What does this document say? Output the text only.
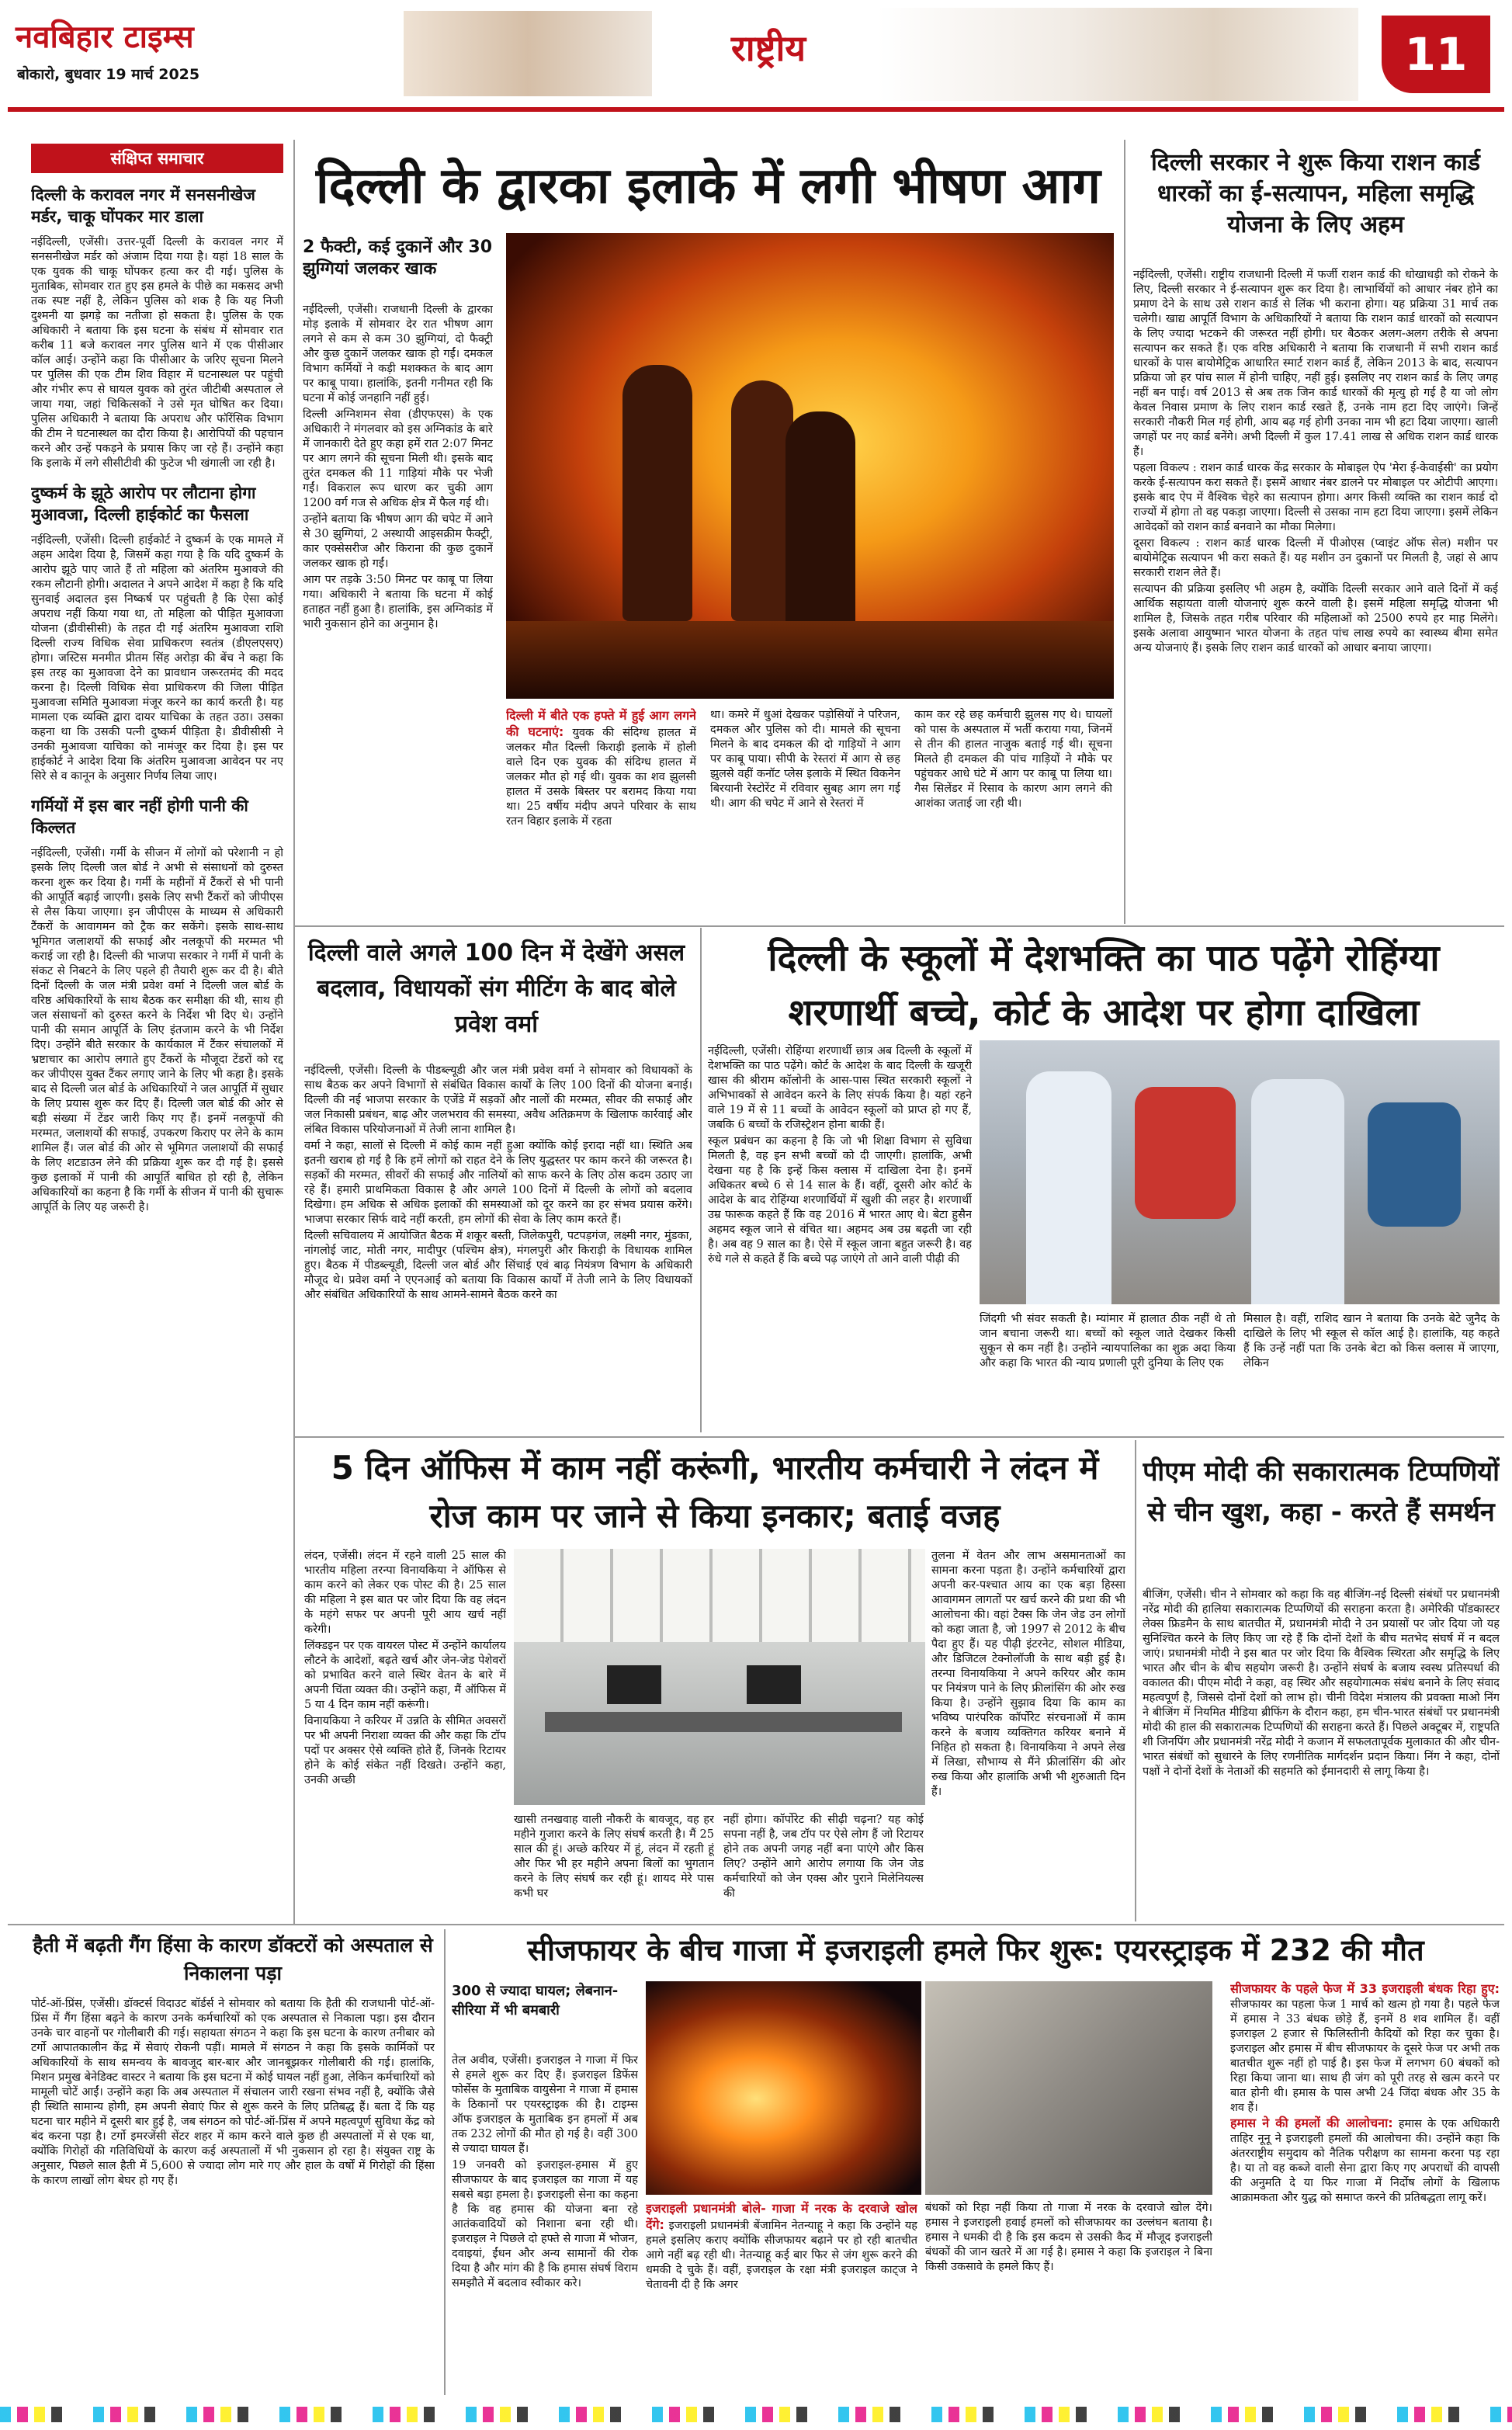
नवबिहार टाइम्स
बोकारो, बुधवार 19 मार्च 2025
राष्ट्रीय	11
संक्षिप्त समाचार
दिल्ली के करावल नगर में सनसनीखेज मर्डर, चाकू घोंपकर मार डाला

नईदिल्ली, एजेंसी। उत्तर-पूर्वी दिल्ली के करावल नगर में सनसनीखेज मर्डर को अंजाम दिया गया है। यहां 18 साल के एक युवक की चाकू घोंपकर हत्या कर दी गई। पुलिस के मुताबिक, सोमवार रात हुए इस हमले के पीछे का मकसद अभी तक स्पष्ट नहीं है, लेकिन पुलिस को शक है कि यह निजी दुश्मनी या झगड़े का नतीजा हो सकता है। पुलिस के एक अधिकारी ने बताया कि इस घटना के संबंध में सोमवार रात करीब 11 बजे करावल नगर पुलिस थाने में एक पीसीआर कॉल आई। उन्होंने कहा कि पीसीआर के जरिए सूचना मिलने पर पुलिस की एक टीम शिव विहार में घटनास्थल पर पहुंची और गंभीर रूप से घायल युवक को तुरंत जीटीबी अस्पताल ले जाया गया, जहां चिकित्सकों ने उसे मृत घोषित कर दिया। पुलिस अधिकारी ने बताया कि अपराध और फॉरेंसिक विभाग की टीम ने घटनास्थल का दौरा किया है। आरोपियों की पहचान करने और उन्हें पकड़ने के प्रयास किए जा रहे हैं। उन्होंने कहा कि इलाके में लगे सीसीटीवी की फुटेज भी खंगाली जा रही है।

दुष्कर्म के झूठे आरोप पर लौटाना होगा मुआवजा, दिल्ली हाईकोर्ट का फैसला

नईदिल्ली, एजेंसी। दिल्ली हाईकोर्ट ने दुष्कर्म के एक मामले में अहम आदेश दिया है, जिसमें कहा गया है कि यदि दुष्कर्म के आरोप झूठे पाए जाते हैं तो महिला को अंतरिम मुआवजे की रकम लौटानी होगी। अदालत ने अपने आदेश में कहा है कि यदि सुनवाई अदालत इस निष्कर्ष पर पहुंचती है कि ऐसा कोई अपराध नहीं किया गया था, तो महिला को पीड़ित मुआवजा योजना (डीवीसीसी) के तहत दी गई अंतरिम मुआवजा राशि दिल्ली राज्य विधिक सेवा प्राधिकरण स्वतंत्र (डीएलएसए) होगा। जस्टिस मनमीत प्रीतम सिंह अरोड़ा की बेंच ने कहा कि इस तरह का मुआवजा देने का प्रावधान जरूरतमंद की मदद करना है। दिल्ली विधिक सेवा प्राधिकरण की जिला पीड़ित मुआवजा समिति मुआवजा मंजूर करने का कार्य करती है। यह मामला एक व्यक्ति द्वारा दायर याचिका के तहत उठा। उसका कहना था कि उसकी पत्नी दुष्कर्म पीड़िता है। डीवीसीसी ने उनकी मुआवजा याचिका को नामंजूर कर दिया है। इस पर हाईकोर्ट ने आदेश दिया कि अंतरिम मुआवजा आवेदन पर नए सिरे से व कानून के अनुसार निर्णय लिया जाए।

गर्मियों में इस बार नहीं होगी पानी की किल्लत

नईदिल्ली, एजेंसी। गर्मी के सीजन में लोगों को परेशानी न हो इसके लिए दिल्ली जल बोर्ड ने अभी से संसाधनों को दुरुस्त करना शुरू कर दिया है। गर्मी के महीनों में टैंकरों से भी पानी की आपूर्ति बढ़ाई जाएगी। इसके लिए सभी टैंकरों को जीपीएस से लैस किया जाएगा। इन जीपीएस के माध्यम से अधिकारी टैंकरों के आवागमन को ट्रैक कर सकेंगे। इसके साथ-साथ भूमिगत जलाशयों की सफाई और नलकूपों की मरम्मत भी कराई जा रही है। दिल्ली की भाजपा सरकार ने गर्मी में पानी के संकट से निबटने के लिए पहले ही तैयारी शुरू कर दी है। बीते दिनों दिल्ली के जल मंत्री प्रवेश वर्मा ने दिल्ली जल बोर्ड के वरिष्ठ अधिकारियों के साथ बैठक कर समीक्षा की थी, साथ ही जल संसाधनों को दुरुस्त करने के निर्देश भी दिए थे। उन्होंने पानी की समान आपूर्ति के लिए इंतजाम करने के भी निर्देश दिए। उन्होंने बीते सरकार के कार्यकाल में टैंकर संचालकों में भ्रष्टाचार का आरोप लगाते हुए टैंकरों के मौजूदा टेंडरों को रद्द कर जीपीएस युक्त टैंकर लगाए जाने के लिए भी कहा है। इसके बाद से दिल्ली जल बोर्ड के अधिकारियों ने जल आपूर्ति में सुधार के लिए प्रयास शुरू कर दिए हैं। दिल्ली जल बोर्ड की ओर से बड़ी संख्या में टेंडर जारी किए गए हैं। इनमें नलकूपों की मरम्मत, जलाशयों की सफाई, उपकरण किराए पर लेने के काम शामिल हैं। जल बोर्ड की ओर से भूमिगत जलाशयों की सफाई के लिए शटडाउन लेने की प्रक्रिया शुरू कर दी गई है। इससे कुछ इलाकों में पानी की आपूर्ति बाधित हो रही है, लेकिन अधिकारियों का कहना है कि गर्मी के सीजन में पानी की सुचारू आपूर्ति के लिए यह जरूरी है।

दिल्ली के द्वारका इलाके में लगी भीषण आग
2 फैक्टी, कई दुकानें और 30 झुग्गियां जलकर खाक

नईदिल्ली, एजेंसी। राजधानी दिल्ली के द्वारका मोड़ इलाके में सोमवार देर रात भीषण आग लगने से कम से कम 30 झुग्गियां, दो फैक्ट्री और कुछ दुकानें जलकर खाक हो गईं। दमकल विभाग कर्मियों ने कड़ी मशक्कत के बाद आग पर काबू पाया। हालांकि, इतनी गनीमत रही कि घटना में कोई जनहानि नहीं हुई।

दिल्ली अग्निशमन सेवा (डीएफएस) के एक अधिकारी ने मंगलवार को इस अग्निकांड के बारे में जानकारी देते हुए कहा हमें रात 2:07 मिनट पर आग लगने की सूचना मिली थी। इसके बाद तुरंत दमकल की 11 गाड़ियां मौके पर भेजी गईं। विकराल रूप धारण कर चुकी आग 1200 वर्ग गज से अधिक क्षेत्र में फैल गई थी।

उन्होंने बताया कि भीषण आग की चपेट में आने से 30 झुग्गियां, 2 अस्थायी आइसक्रीम फैक्ट्री, कार एक्सेसरीज और किराना की कुछ दुकानें जलकर खाक हो गईं।

आग पर तड़के 3:50 मिनट पर काबू पा लिया गया। अधिकारी ने बताया कि घटना में कोई हताहत नहीं हुआ है। हालांकि, इस अग्निकांड में भारी नुकसान होने का अनुमान है।

दिल्ली में बीते एक हफ्ते में हुई आग लगने की घटनाएं: युवक की संदिग्ध हालत में जलकर मौत दिल्ली किराड़ी इलाके में होली वाले दिन एक युवक की संदिग्ध हालत में जलकर मौत हो गई थी। युवक का शव झुलसी हालत में उसके बिस्तर पर बरामद किया गया था। 25 वर्षीय मंदीप अपने परिवार के साथ रतन विहार इलाके में रहता
था। कमरे में धुआं देखकर पड़ोसियों ने परिजन, दमकल और पुलिस को दी। मामले की सूचना मिलने के बाद दमकल की दो गाड़ियों ने आग पर काबू पाया। सीपी के रेस्तरां में आग से छह झुलसे वहीं कनॉट प्लेस इलाके में स्थित विकनेन बिरयानी रेस्टोरेंट में रविवार सुबह आग लग गई थी। आग की चपेट में आने से रेस्तरां में
काम कर रहे छह कर्मचारी झुलस गए थे। घायलों को पास के अस्पताल में भर्ती कराया गया, जिनमें से तीन की हालत नाजुक बताई गई थी। सूचना मिलते ही दमकल की पांच गाड़ियों ने मौके पर पहुंचकर आधे घंटे में आग पर काबू पा लिया था। गैस सिलेंडर में रिसाव के कारण आग लगने की आशंका जताई जा रही थी।
दिल्ली सरकार ने शुरू किया राशन कार्ड धारकों का ई-सत्यापन, महिला समृद्धि योजना के लिए अहम

नईदिल्ली, एजेंसी। राष्ट्रीय राजधानी दिल्ली में फर्जी राशन कार्ड की धोखाधड़ी को रोकने के लिए, दिल्ली सरकार ने ई-सत्यापन शुरू कर दिया है। लाभार्थियों को आधार नंबर होने का प्रमाण देने के साथ उसे राशन कार्ड से लिंक भी कराना होगा। यह प्रक्रिया 31 मार्च तक चलेगी। खाद्य आपूर्ति विभाग के अधिकारियों ने बताया कि राशन कार्ड धारकों को सत्यापन के लिए ज्यादा भटकने की जरूरत नहीं होगी। घर बैठकर अलग-अलग तरीके से अपना सत्यापन कर सकते हैं। एक वरिष्ठ अधिकारी ने बताया कि राजधानी में सभी राशन कार्ड धारकों के पास बायोमेट्रिक आधारित स्मार्ट राशन कार्ड हैं, लेकिन 2013 के बाद, सत्यापन प्रक्रिया जो हर पांच साल में होनी चाहिए, नहीं हुई। इसलिए नए राशन कार्ड के लिए जगह नहीं बन पाई। वर्ष 2013 से अब तक जिन कार्ड धारकों की मृत्यु हो गई है या जो लोग केवल निवास प्रमाण के लिए राशन कार्ड रखते हैं, उनके नाम हटा दिए जाएंगे। जिन्हें सरकारी नौकरी मिल गई होगी, आय बढ़ गई होगी उनका नाम भी हटा दिया जाएगा। खाली जगहों पर नए कार्ड बनेंगे। अभी दिल्ली में कुल 17.41 लाख से अधिक राशन कार्ड धारक हैं।

पहला विकल्प : राशन कार्ड धारक केंद्र सरकार के मोबाइल ऐप 'मेरा ई-केवाईसी' का प्रयोग करके ई-सत्यापन करा सकते हैं। इसमें आधार नंबर डालने पर मोबाइल पर ओटीपी आएगा। इसके बाद ऐप में वैश्विक चेहरे का सत्यापन होगा। अगर किसी व्यक्ति का राशन कार्ड दो राज्यों में होगा तो वह पकड़ा जाएगा। दिल्ली से उसका नाम हटा दिया जाएगा। इसमें लेकिन आवेदकों को राशन कार्ड बनवाने का मौका मिलेगा।

दूसरा विकल्प : राशन कार्ड धारक दिल्ली में पीओएस (प्वाइंट ऑफ सेल) मशीन पर बायोमेट्रिक सत्यापन भी करा सकते हैं। यह मशीन उन दुकानों पर मिलती है, जहां से आप सरकारी राशन लेते हैं।

सत्यापन की प्रक्रिया इसलिए भी अहम है, क्योंकि दिल्ली सरकार आने वाले दिनों में कई आर्थिक सहायता वाली योजनाएं शुरू करने वाली है। इसमें महिला समृद्धि योजना भी शामिल है, जिसके तहत गरीब परिवार की महिलाओं को 2500 रुपये हर माह मिलेंगे। इसके अलावा आयुष्मान भारत योजना के तहत पांच लाख रुपये का स्वास्थ्य बीमा समेत अन्य योजनाएं हैं। इसके लिए राशन कार्ड धारकों को आधार बनाया जाएगा।

दिल्ली वाले अगले 100 दिन में देखेंगे असल बदलाव, विधायकों संग मीटिंग के बाद बोले प्रवेश वर्मा

नईदिल्ली, एजेंसी। दिल्ली के पीडब्ल्यूडी और जल मंत्री प्रवेश वर्मा ने सोमवार को विधायकों के साथ बैठक कर अपने विभागों से संबंधित विकास कार्यों के लिए 100 दिनों की योजना बनाई। दिल्ली की नई भाजपा सरकार के एजेंडे में सड़कों और नालों की मरम्मत, सीवर की सफाई और जल निकासी प्रबंधन, बाढ़ और जलभराव की समस्या, अवैध अतिक्रमण के खिलाफ कार्रवाई और लंबित विकास परियोजनाओं में तेजी लाना शामिल है।

वर्मा ने कहा, सालों से दिल्ली में कोई काम नहीं हुआ क्योंकि कोई इरादा नहीं था। स्थिति अब इतनी खराब हो गई है कि हमें लोगों को राहत देने के लिए युद्धस्तर पर काम करने की जरूरत है। सड़कों की मरम्मत, सीवरों की सफाई और नालियों को साफ करने के लिए ठोस कदम उठाए जा रहे हैं। हमारी प्राथमिकता विकास है और अगले 100 दिनों में दिल्ली के लोगों को बदलाव दिखेगा। हम अधिक से अधिक इलाकों की समस्याओं को दूर करने का हर संभव प्रयास करेंगे। भाजपा सरकार सिर्फ वादे नहीं करती, हम लोगों की सेवा के लिए काम करते हैं।

दिल्ली सचिवालय में आयोजित बैठक में शकूर बस्ती, जिलेकपुरी, पटपड़गंज, लक्ष्मी नगर, मुंडका, नांगलोई जाट, मोती नगर, मादीपुर (पश्चिम क्षेत्र), मंगलपुरी और किराड़ी के विधायक शामिल हुए। बैठक में पीडब्ल्यूडी, दिल्ली जल बोर्ड और सिंचाई एवं बाढ़ नियंत्रण विभाग के अधिकारी मौजूद थे। प्रवेश वर्मा ने एएनआई को बताया कि विकास कार्यों में तेजी लाने के लिए विधायकों और संबंधित अधिकारियों के साथ आमने-सामने बैठक करने का

दिल्ली के स्कूलों में देशभक्ति का पाठ पढ़ेंगे रोहिंग्या शरणार्थी बच्चे, कोर्ट के आदेश पर होगा दाखिला

नईदिल्ली, एजेंसी। रोहिंग्या शरणार्थी छात्र अब दिल्ली के स्कूलों में देशभक्ति का पाठ पढ़ेंगे। कोर्ट के आदेश के बाद दिल्ली के खजूरी खास की श्रीराम कॉलोनी के आस-पास स्थित सरकारी स्कूलों ने अभिभावकों से आवेदन करने के लिए संपर्क किया है। यहां रहने वाले 19 में से 11 बच्चों के आवेदन स्कूलों को प्राप्त हो गए हैं, जबकि 6 बच्चों के रजिस्ट्रेशन होना बाकी हैं।

स्कूल प्रबंधन का कहना है कि जो भी शिक्षा विभाग से सुविधा मिलती है, वह इन सभी बच्चों को दी जाएगी। हालांकि, अभी देखना यह है कि इन्हें किस क्लास में दाखिला देना है। इनमें अधिकतर बच्चे 6 से 14 साल के हैं। वहीं, दूसरी ओर कोर्ट के आदेश के बाद रोहिंग्या शरणार्थियों में खुशी की लहर है। शरणार्थी उम्र फारूक कहते हैं कि वह 2016 में भारत आए थे। बेटा हुसैन अहमद स्कूल जाने से वंचित था। अहमद अब उम्र बढ़ती जा रही है। अब वह 9 साल का है। ऐसे में स्कूल जाना बहुत जरूरी है। वह रुंधे गले से कहते हैं कि बच्चे पढ़ जाएंगे तो आने वाली पीढ़ी की

जिंदगी भी संवर सकती है। म्यांमार में हालात ठीक नहीं थे तो जान बचाना जरूरी था। बच्चों को स्कूल जाते देखकर किसी सुकून से कम नहीं है। उन्होंने न्यायपालिका का शुक्र अदा किया और कहा कि भारत की न्याय प्रणाली पूरी दुनिया के लिए एक
मिसाल है। वहीं, राशिद खान ने बताया कि उनके बेटे जुनैद के दाखिले के लिए भी स्कूल से कॉल आई है। हालांकि, यह कहते हैं कि उन्हें नहीं पता कि उनके बेटा को किस क्लास में जाएगा, लेकिन
5 दिन ऑफिस में काम नहीं करूंगी, भारतीय कर्मचारी ने लंदन में रोज काम पर जाने से किया इनकार; बताई वजह

लंदन, एजेंसी। लंदन में रहने वाली 25 साल की भारतीय महिला तरन्पा विनायकिया ने ऑफिस से काम करने को लेकर एक पोस्ट की है। 25 साल की महिला ने इस बात पर जोर दिया कि वह लंदन के महंगे सफर पर अपनी पूरी आय खर्च नहीं करेगी।

लिंक्डइन पर एक वायरल पोस्ट में उन्होंने कार्यालय लौटने के आदेशों, बढ़ते खर्च और जेन-जेड पेशेवरों को प्रभावित करने वाले स्थिर वेतन के बारे में अपनी चिंता व्यक्त की। उन्होंने कहा, मैं ऑफिस में 5 या 4 दिन काम नहीं करूंगी।

विनायकिया ने करियर में उन्नति के सीमित अवसरों पर भी अपनी निराशा व्यक्त की और कहा कि टॉप पदों पर अक्सर ऐसे व्यक्ति होते हैं, जिनके रिटायर होने के कोई संकेत नहीं दिखते। उन्होंने कहा, उनकी अच्छी

खासी तनखवाह वाली नौकरी के बावजूद, वह हर महीने गुजारा करने के लिए संघर्ष करती है। मैं 25 साल की हूं। अच्छे करियर में हूं, लंदन में रहती हूं और फिर भी हर महीने अपना बिलों का भुगतान करने के लिए संघर्ष कर रही हूं। शायद मेरे पास कभी घर
नहीं होगा। कॉर्पोरेट की सीढ़ी चढ़ना? यह कोई सपना नहीं है, जब टॉप पर ऐसे लोग हैं जो रिटायर होने तक अपनी जगह नहीं बना पाएंगे और किस लिए? उन्होंने आगे आरोप लगाया कि जेन जेड कर्मचारियों को जेन एक्स और पुराने मिलेनियल्स की
तुलना में वेतन और लाभ असमानताओं का सामना करना पड़ता है। उन्होंने कर्मचारियों द्वारा अपनी कर-पश्चात आय का एक बड़ा हिस्सा आवागमन लागतों पर खर्च करने की प्रथा की भी आलोचना की। वहां टैक्स कि जेन जेड उन लोगों को कहा जाता है, जो 1997 से 2012 के बीच पैदा हुए हैं। यह पीढ़ी इंटरनेट, सोशल मीडिया, और डिजिटल टेक्नोलॉजी के साथ बड़ी हुई है। तरन्पा विनायकिया ने अपने करियर और काम पर नियंत्रण पाने के लिए फ्रीलांसिंग की ओर रुख किया है। उन्होंने सुझाव दिया कि काम का भविष्य पारंपरिक कॉर्पोरेट संरचनाओं में काम करने के बजाय व्यक्तिगत करियर बनाने में निहित हो सकता है। विनायकिया ने अपने लेख में लिखा, सौभाग्य से मैंने फ्रीलांसिंग की ओर रुख किया और हालांकि अभी भी शुरुआती दिन हैं।
पीएम मोदी की सकारात्मक टिप्पणियों से चीन खुश, कहा - करते हैं समर्थन

बीजिंग, एजेंसी। चीन ने सोमवार को कहा कि वह बीजिंग-नई दिल्ली संबंधों पर प्रधानमंत्री नरेंद्र मोदी की हालिया सकारात्मक टिप्पणियों की सराहना करता है। अमेरिकी पॉडकास्टर लेक्स फ्रिडमैन के साथ बातचीत में, प्रधानमंत्री मोदी ने उन प्रयासों पर जोर दिया जो यह सुनिश्चित करने के लिए किए जा रहे हैं कि दोनों देशों के बीच मतभेद संघर्ष में न बदल जाएं। प्रधानमंत्री मोदी ने इस बात पर जोर दिया कि वैश्विक स्थिरता और समृद्धि के लिए भारत और चीन के बीच सहयोग जरूरी है। उन्होंने संघर्ष के बजाय स्वस्थ प्रतिस्पर्धा की वकालत की। पीएम मोदी ने कहा, वह स्थिर और सहयोगात्मक संबंध बनाने के लिए संवाद महत्वपूर्ण है, जिससे दोनों देशों को लाभ हो। चीनी विदेश मंत्रालय की प्रवक्ता माओ निंग ने बीजिंग में नियमित मीडिया ब्रीफिंग के दौरान कहा, हम चीन-भारत संबंधों पर प्रधानमंत्री मोदी की हाल की सकारात्मक टिप्पणियों की सराहना करते हैं। पिछले अक्टूबर में, राष्ट्रपति शी जिनपिंग और प्रधानमंत्री नरेंद्र मोदी ने कजान में सफलतापूर्वक मुलाकात की और चीन-भारत संबंधों को सुधारने के लिए रणनीतिक मार्गदर्शन प्रदान किया। निंग ने कहा, दोनों पक्षों ने दोनों देशों के नेताओं की सहमति को ईमानदारी से लागू किया है।

हैती में बढ़ती गैंग हिंसा के कारण डॉक्टरों को अस्पताल से निकालना पड़ा

पोर्ट-ऑ-प्रिंस, एजेंसी। डॉक्टर्स विदाउट बॉर्डर्स ने सोमवार को बताया कि हैती की राजधानी पोर्ट-ऑ-प्रिंस में गैंग हिंसा बढ़ने के कारण उनके कर्मचारियों को एक अस्पताल से निकाला पड़ा। इस दौरान उनके चार वाहनों पर गोलीबारी की गई। सहायता संगठन ने कहा कि इस घटना के कारण तनीबार को टर्गो आपातकालीन केंद्र में सेवाएं रोकनी पड़ीं। मामले में संगठन ने कहा कि इसके कार्मिकों पर अधिकारियों के साथ समन्वय के बावजूद बार-बार और जानबूझकर गोलीबारी की गई। हालांकि, मिशन प्रमुख बेनेडिक्ट वास्टर ने बताया कि इस घटना में कोई घायल नहीं हुआ, लेकिन कर्मचारियों को मामूली चोटें आईं। उन्होंने कहा कि अब अस्पताल में संचालन जारी रखना संभव नहीं है, क्योंकि जैसे ही स्थिति सामान्य होगी, हम अपनी सेवाएं फिर से शुरू करने के लिए प्रतिबद्ध हैं। बता दें कि यह घटना चार महीने में दूसरी बार हुई है, जब संगठन को पोर्ट-ऑ-प्रिंस में अपने महत्वपूर्ण सुविधा केंद्र को बंद करना पड़ा है। टर्गो इमरजेंसी सेंटर शहर में काम करने वाले कुछ ही अस्पतालों में से एक था, क्योंकि गिरोहों की गतिविधियों के कारण कई अस्पतालों में भी नुकसान हो रहा है। संयुक्त राष्ट्र के अनुसार, पिछले साल हैती में 5,600 से ज्यादा लोग मारे गए और हाल के वर्षों में गिरोहों की हिंसा के कारण लाखों लोग बेघर हो गए हैं।

सीजफायर के बीच गाजा में इजराइली हमले फिर शुरू: एयरस्ट्राइक में 232 की मौत
300 से ज्यादा घायल; लेबनान-सीरिया में भी बमबारी

तेल अवीव, एजेंसी। इजराइल ने गाजा में फिर से हमले शुरू कर दिए हैं। इजराइल डिफेंस फोर्सेस के मुताबिक वायुसेना ने गाजा में हमास के ठिकानों पर एयरस्ट्राइक की है। टाइम्स ऑफ इजराइल के मुताबिक इन हमलों में अब तक 232 लोगों की मौत हो गई है। वहीं 300 से ज्यादा घायल हैं।

19 जनवरी को इजराइल-हमास में हुए सीजफायर के बाद इजराइल का गाजा में यह सबसे बड़ा हमला है। इजराइली सेना का कहना है कि वह हमास की योजना बना रहे आतंकवादियों को निशाना बना रही थी। इजराइल ने पिछले दो हफ्ते से गाजा में भोजन, दवाइयां, ईंधन और अन्य सामानों की रोक दिया है और मांग की है कि हमास संघर्ष विराम समझौते में बदलाव स्वीकार करे।

इजराइली प्रधानमंत्री बोले- गाजा में नरक के दरवाजे खोल देंगे: इजराइली प्रधानमंत्री बेंजामिन नेतन्याहू ने कहा कि उन्होंने यह हमले इसलिए कराए क्योंकि सीजफायर बढ़ाने पर हो रही बातचीत आगे नहीं बढ़ रही थी। नेतन्याहू कई बार फिर से जंग शुरू करने की धमकी दे चुके हैं। वहीं, इजराइल के रक्षा मंत्री इजराइल काट्ज ने चेतावनी दी है कि अगर
बंधकों को रिहा नहीं किया तो गाजा में नरक के दरवाजे खोल देंगे। हमास ने इजराइली हवाई हमलों को सीजफायर का उल्लंघन बताया है। हमास ने धमकी दी है कि इस कदम से उसकी कैद में मौजूद इजराइली बंधकों की जान खतरे में आ गई है। हमास ने कहा कि इजराइल ने बिना किसी उकसावे के हमले किए हैं।
सीजफायर के पहले फेज में 33 इजराइली बंधक रिहा हुए: सीजफायर का पहला फेज 1 मार्च को खत्म हो गया है। पहले फेज में हमास ने 33 बंधक छोड़े हैं, इनमें 8 शव शामिल हैं। वहीं इजराइल 2 हजार से फिलिस्तीनी कैदियों को रिहा कर चुका है। इजराइल और हमास में बीच सीजफायर के दूसरे फेज पर अभी तक बातचीत शुरू नहीं हो पाई है। इस फेज में लगभग 60 बंधकों को रिहा किया जाना था। साथ ही जंग को पूरी तरह से खत्म करने पर बात होनी थी। हमास के पास अभी 24 जिंदा बंधक और 35 के शव हैं।
हमास ने की हमलों की आलोचना: हमास के एक अधिकारी ताहिर नूनू ने इजराइली हमलों की आलोचना की। उन्होंने कहा कि अंतरराष्ट्रीय समुदाय को नैतिक परीक्षण का सामना करना पड़ रहा है। या तो वह कब्जे वाली सेना द्वारा किए गए अपराधों की वापसी की अनुमति दे या फिर गाजा में निर्दोष लोगों के खिलाफ आक्रामकता और युद्ध को समाप्त करने की प्रतिबद्धता लागू करें।
